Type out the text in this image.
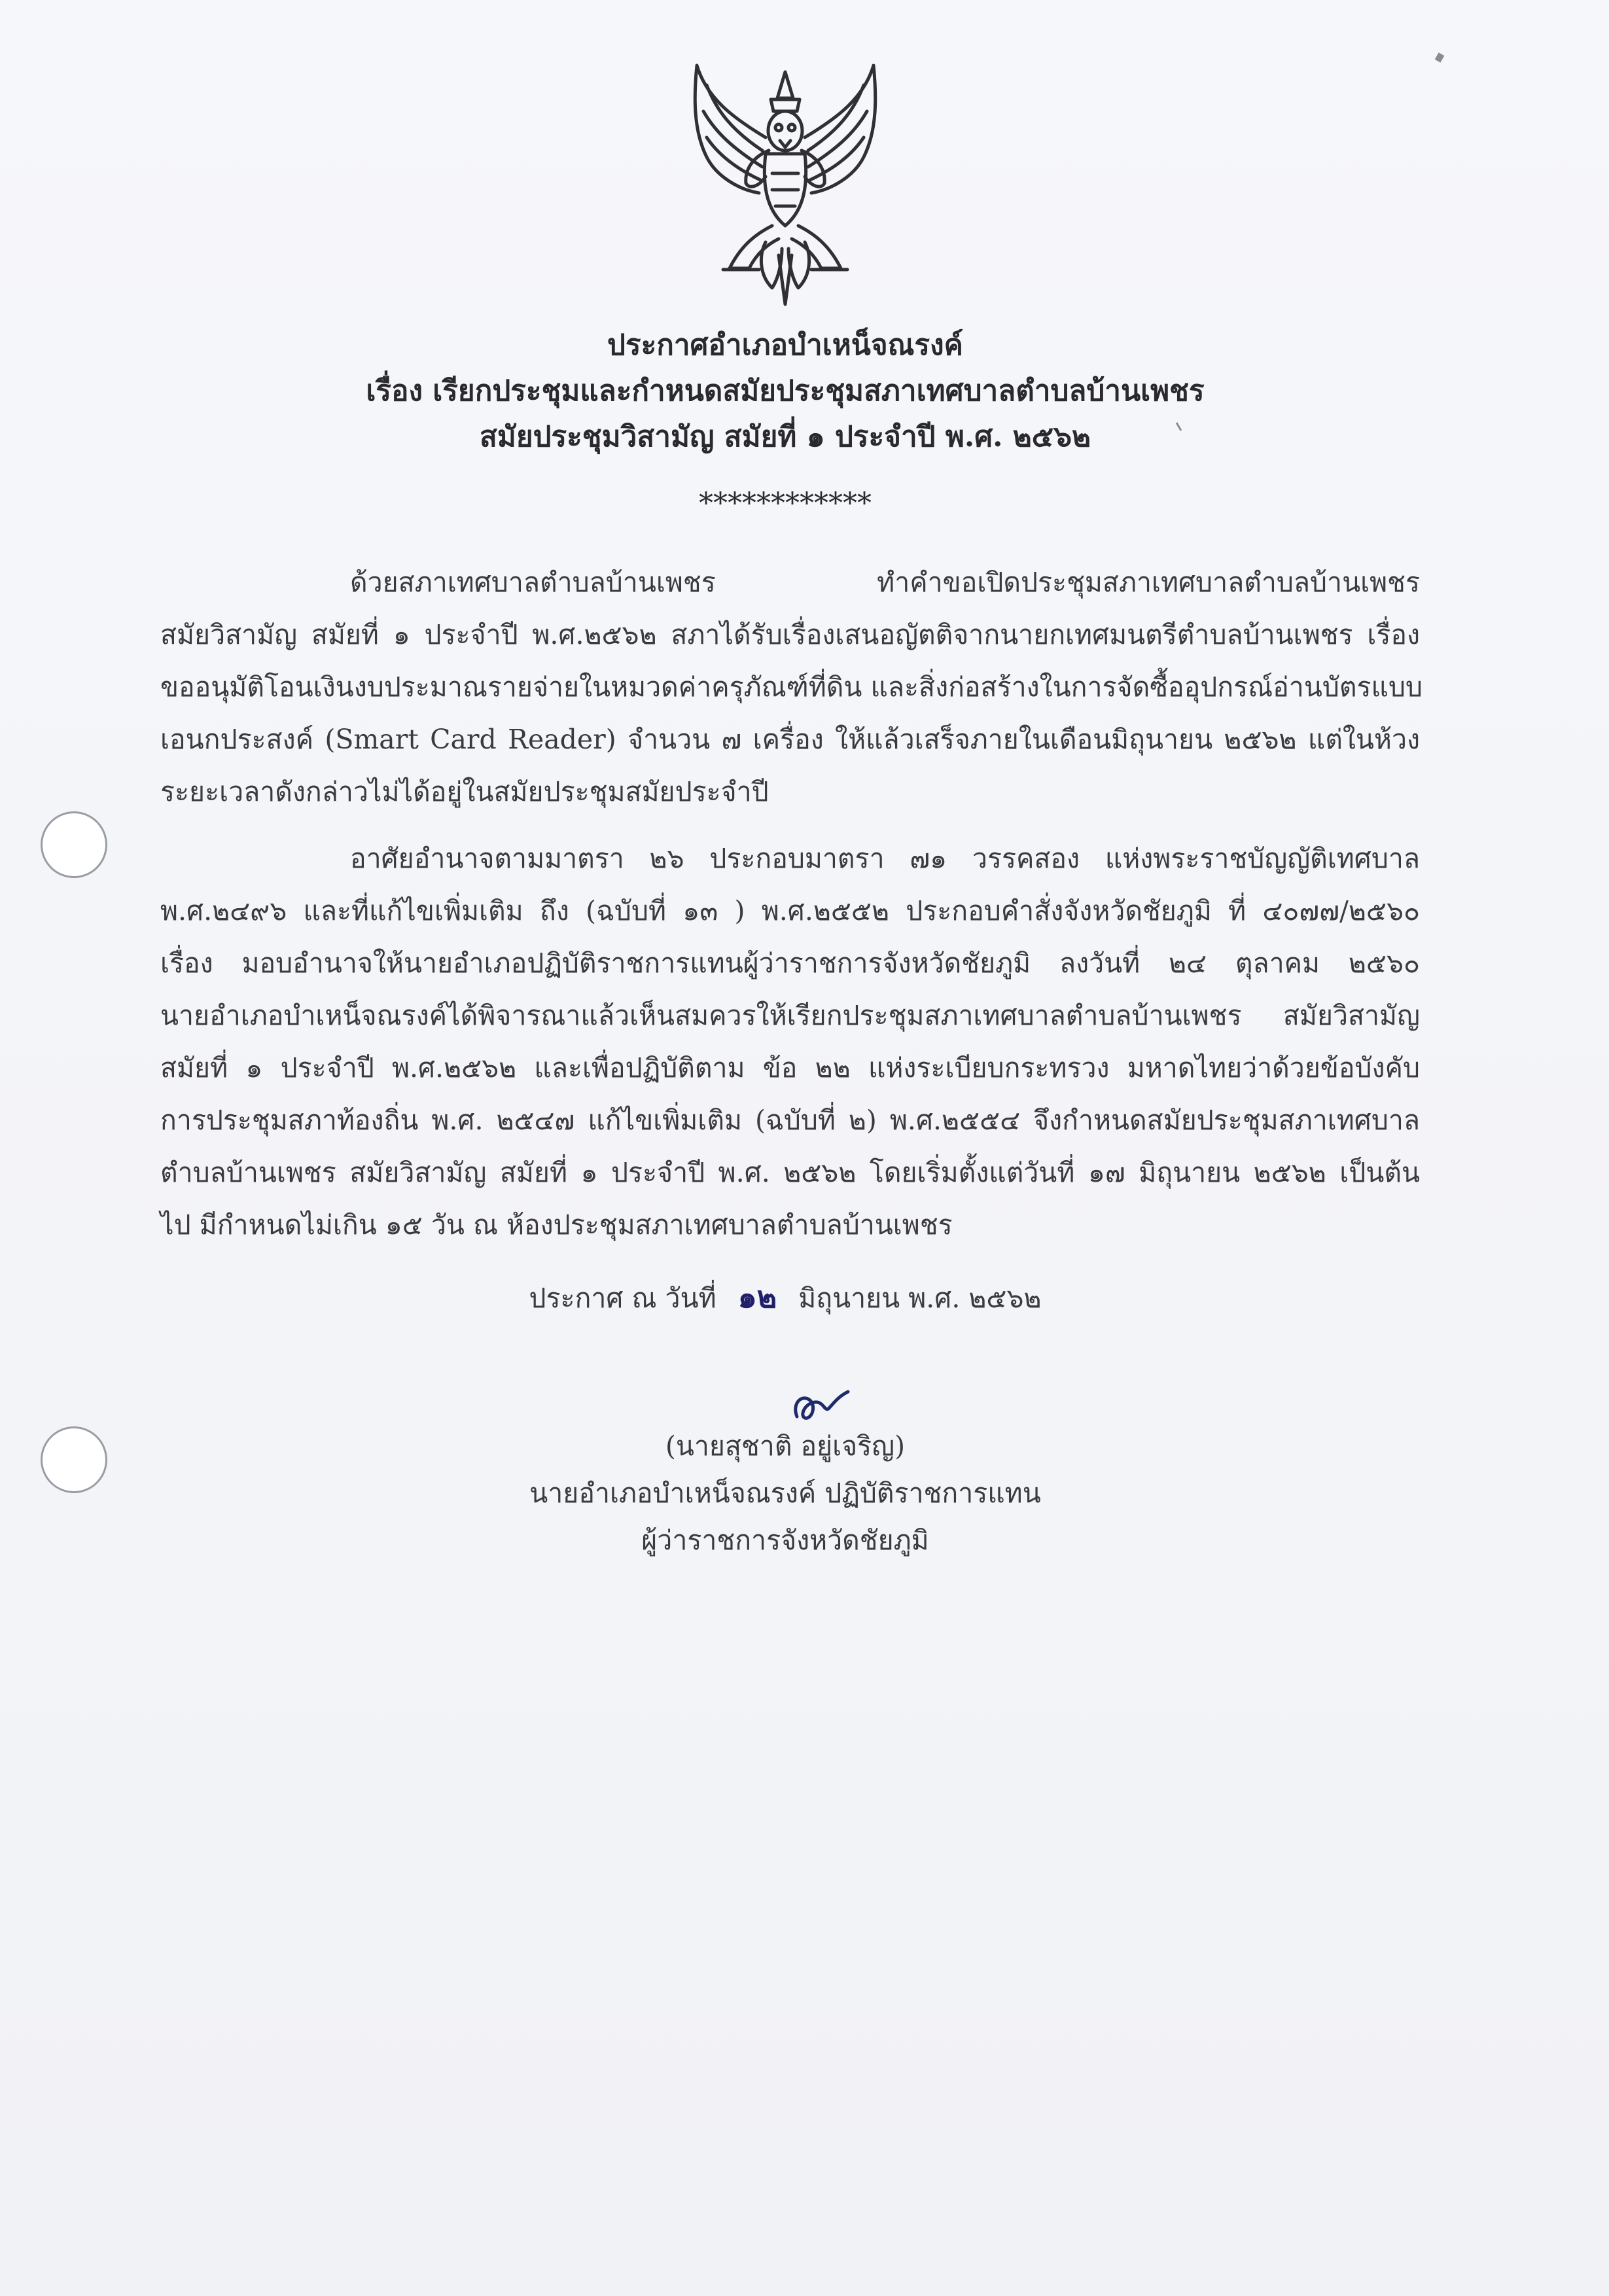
ประกาศอำเภอบำเหน็จณรงค์
เรื่อง เรียกประชุมและกำหนดสมัยประชุมสภาเทศบาลตำบลบ้านเพชร
สมัยประชุมวิสามัญ สมัยที่ ๑ ประจำปี พ.ศ. ๒๕๖๒
************
ด้วยสภาเทศบาลตำบลบ้านเพชร ทำคำขอเปิดประชุมสภาเทศบาลตำบลบ้านเพชร
สมัยวิสามัญ สมัยที่ ๑ ประจำปี พ.ศ.๒๕๖๒ สภาได้รับเรื่องเสนอญัตติจากนายกเทศมนตรีตำบลบ้านเพชร เรื่อง
ขออนุมัติโอนเงินงบประมาณรายจ่ายในหมวดค่าครุภัณฑ์ที่ดิน และสิ่งก่อสร้างในการจัดซื้ออุปกรณ์อ่านบัตรแบบ
เอนกประสงค์ (Smart Card Reader) จำนวน ๗ เครื่อง ให้แล้วเสร็จภายในเดือนมิถุนายน ๒๕๖๒ แต่ในห้วง
ระยะเวลาดังกล่าวไม่ได้อยู่ในสมัยประชุมสมัยประจำปี
อาศัยอำนาจตามมาตรา ๒๖ ประกอบมาตรา ๗๑ วรรคสอง แห่งพระราชบัญญัติเทศบาล
พ.ศ.๒๔๙๖ และที่แก้ไขเพิ่มเติม ถึง (ฉบับที่ ๑๓ ) พ.ศ.๒๕๕๒ ประกอบคำสั่งจังหวัดชัยภูมิ ที่ ๔๐๗๗/๒๕๖๐
เรื่อง มอบอำนาจให้นายอำเภอปฏิบัติราชการแทนผู้ว่าราชการจังหวัดชัยภูมิ ลงวันที่ ๒๔ ตุลาคม ๒๕๖๐
นายอำเภอบำเหน็จณรงค์ได้พิจารณาแล้วเห็นสมควรให้เรียกประชุมสภาเทศบาลตำบลบ้านเพชร สมัยวิสามัญ
สมัยที่ ๑ ประจำปี พ.ศ.๒๕๖๒ และเพื่อปฏิบัติตาม ข้อ ๒๒ แห่งระเบียบกระทรวง มหาดไทยว่าด้วยข้อบังคับ
การประชุมสภาท้องถิ่น พ.ศ. ๒๕๔๗ แก้ไขเพิ่มเติม (ฉบับที่ ๒) พ.ศ.๒๕๕๔ จึงกำหนดสมัยประชุมสภาเทศบาล
ตำบลบ้านเพชร สมัยวิสามัญ สมัยที่ ๑ ประจำปี พ.ศ. ๒๕๖๒ โดยเริ่มตั้งแต่วันที่ ๑๗ มิถุนายน ๒๕๖๒ เป็นต้น
ไป มีกำหนดไม่เกิน ๑๕ วัน ณ ห้องประชุมสภาเทศบาลตำบลบ้านเพชร
ประกาศ ณ วันที่ ๑๒ มิถุนายน พ.ศ. ๒๕๖๒
(นายสุชาติ อยู่เจริญ)
นายอำเภอบำเหน็จณรงค์ ปฏิบัติราชการแทน
ผู้ว่าราชการจังหวัดชัยภูมิ
